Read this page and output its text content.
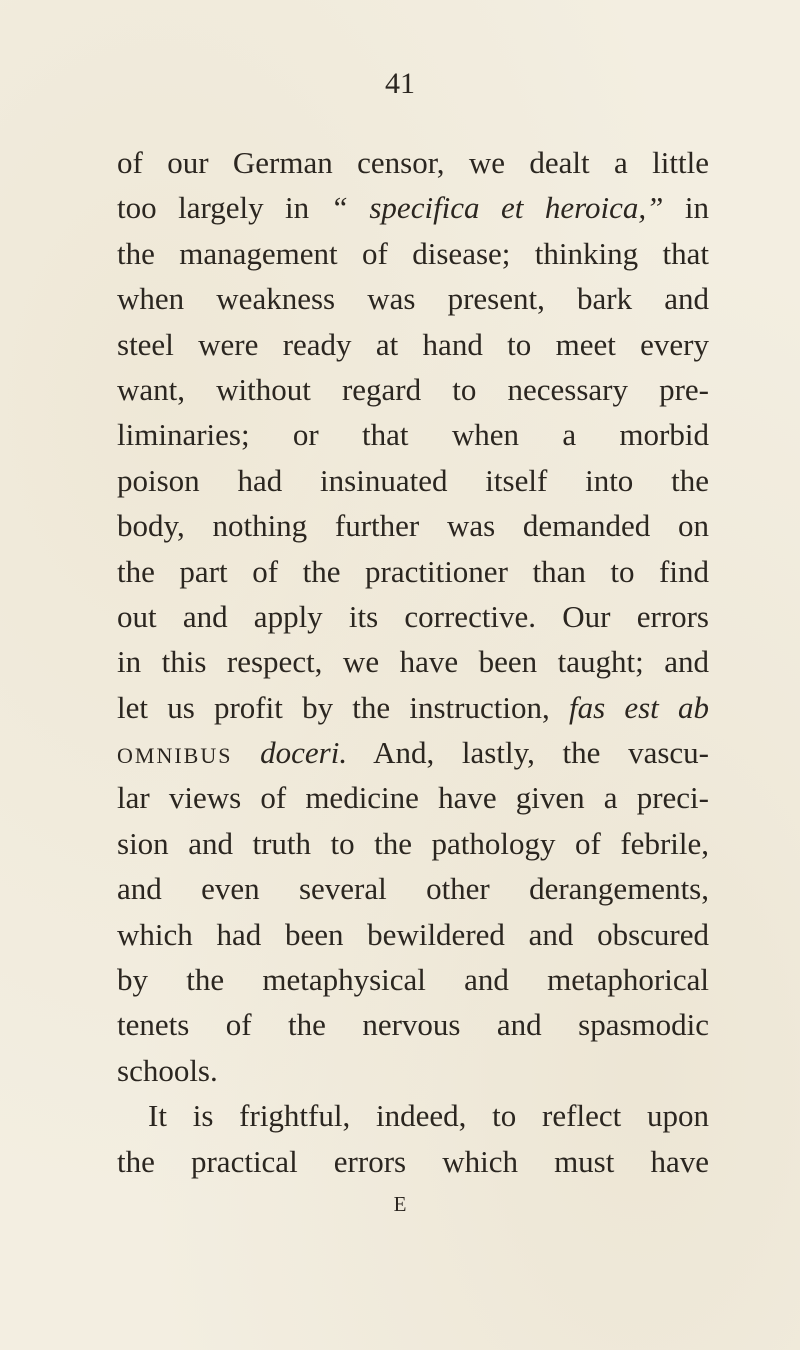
41
of our German censor, we dealt a little
too largely in “ specifica et heroica,” in
the management of disease; thinking that
when weakness was present, bark and
steel were ready at hand to meet every
want, without regard to necessary pre-
liminaries; or that when a morbid
poison had insinuated itself into the
body, nothing further was demanded on
the part of the practitioner than to find
out and apply its corrective. Our errors
in this respect, we have been taught; and
let us profit by the instruction, fas est ab
omnibus doceri. And, lastly, the vascu-
lar views of medicine have given a preci-
sion and truth to the pathology of febrile,
and even several other derangements,
which had been bewildered and obscured
by the metaphysical and metaphorical
tenets of the nervous and spasmodic
schools.
It is frightful, indeed, to reflect upon
the practical errors which must have
E
